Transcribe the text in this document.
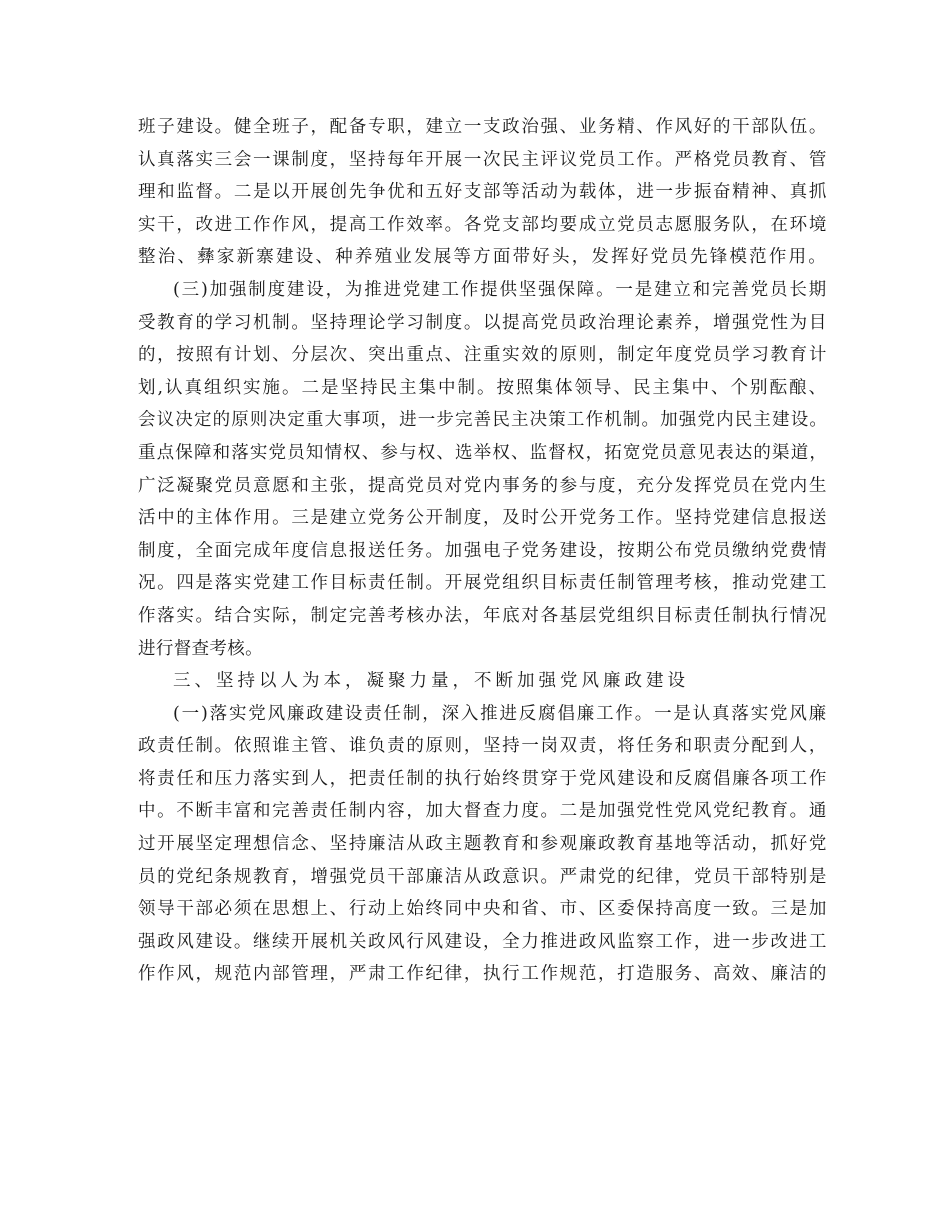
班子建设。健全班子，配备专职，建立一支政治强、业务精、作风好的干部队伍。
认真落实三会一课制度，坚持每年开展一次民主评议党员工作。严格党员教育、管
理和监督。二是以开展创先争优和五好支部等活动为载体，进一步振奋精神、真抓
实干，改进工作作风，提高工作效率。各党支部均要成立党员志愿服务队，在环境
整治、彝家新寨建设、种养殖业发展等方面带好头，发挥好党员先锋模范作用。
(三)加强制度建设，为推进党建工作提供坚强保障。一是建立和完善党员长期
受教育的学习机制。坚持理论学习制度。以提高党员政治理论素养，增强党性为目
的，按照有计划、分层次、突出重点、注重实效的原则，制定年度党员学习教育计
划,认真组织实施。二是坚持民主集中制。按照集体领导、民主集中、个别酝酿、
会议决定的原则决定重大事项，进一步完善民主决策工作机制。加强党内民主建设。
重点保障和落实党员知情权、参与权、选举权、监督权，拓宽党员意见表达的渠道，
广泛凝聚党员意愿和主张，提高党员对党内事务的参与度，充分发挥党员在党内生
活中的主体作用。三是建立党务公开制度，及时公开党务工作。坚持党建信息报送
制度，全面完成年度信息报送任务。加强电子党务建设，按期公布党员缴纳党费情
况。四是落实党建工作目标责任制。开展党组织目标责任制管理考核，推动党建工
作落实。结合实际，制定完善考核办法，年底对各基层党组织目标责任制执行情况
进行督查考核。
三、坚持以人为本，凝聚力量，不断加强党风廉政建设
(一)落实党风廉政建设责任制，深入推进反腐倡廉工作。一是认真落实党风廉
政责任制。依照谁主管、谁负责的原则，坚持一岗双责，将任务和职责分配到人，
将责任和压力落实到人，把责任制的执行始终贯穿于党风建设和反腐倡廉各项工作
中。不断丰富和完善责任制内容，加大督查力度。二是加强党性党风党纪教育。通
过开展坚定理想信念、坚持廉洁从政主题教育和参观廉政教育基地等活动，抓好党
员的党纪条规教育，增强党员干部廉洁从政意识。严肃党的纪律，党员干部特别是
领导干部必须在思想上、行动上始终同中央和省、市、区委保持高度一致。三是加
强政风建设。继续开展机关政风行风建设，全力推进政风监察工作，进一步改进工
作作风，规范内部管理，严肃工作纪律，执行工作规范，打造服务、高效、廉洁的
